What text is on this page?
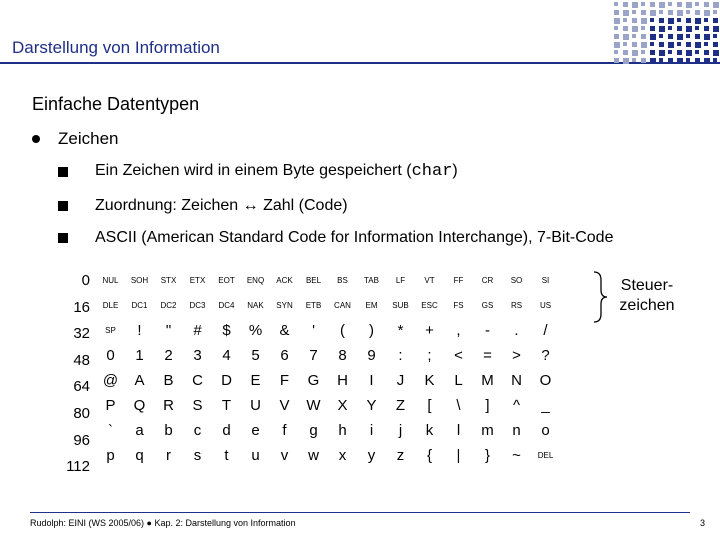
Darstellung von Information
Einfache Datentypen
Zeichen
Ein Zeichen wird in einem Byte gespeichert (char)
Zuordnung: Zeichen ↔ Zahl (Code)
ASCII (American Standard Code for Information Interchange), 7-Bit-Code
0
16
32
48
64
80
96
112
NUL	SOH	STX	ETX	EOT	ENQ	ACK	BEL	BS	TAB	LF	VT	FF	CR	SO	SI
DLE	DC1	DC2	DC3	DC4	NAK	SYN	ETB	CAN	EM	SUB	ESC	FS	GS	RS	US
SP	!	"	#	$	%	&	'	(	)	*	+	,	-	.	/
0	1	2	3	4	5	6	7	8	9	:	;	<	=	>	?
@	A	B	C	D	E	F	G	H	I	J	K	L	M	N	O
P	Q	R	S	T	U	V	W	X	Y	Z	[	\	]	^	_
`	a	b	c	d	e	f	g	h	i	j	k	l	m	n	o
p	q	r	s	t	u	v	w	x	y	z	{	|	}	~	DEL
Steuer-
zeichen
Rudolph: EINI (WS 2005/06) ● Kap. 2: Darstellung von Information	3
